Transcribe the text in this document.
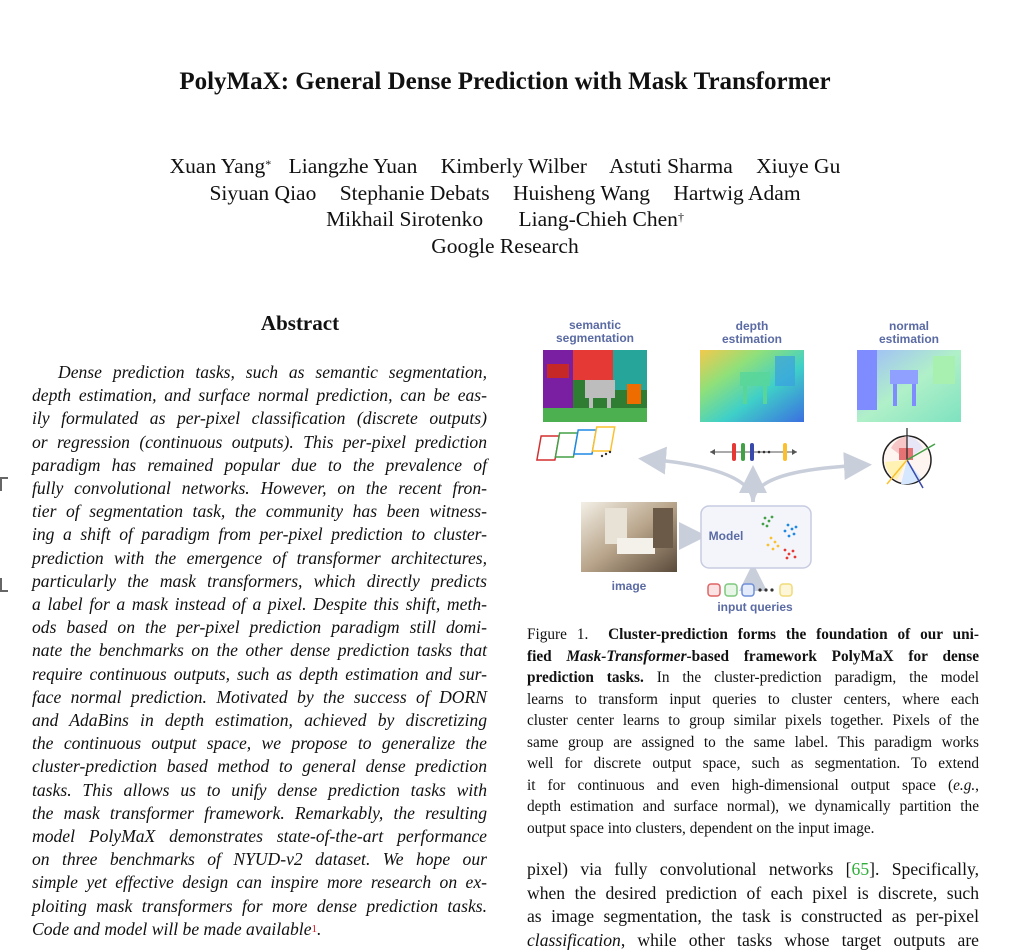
PolyMaX: General Dense Prediction with Mask Transformer
Xuan Yang* Liangzhe Yuan Kimberly Wilber Astuti Sharma Xiuye Gu
Siyuan Qiao Stephanie Debats Huisheng Wang Hartwig Adam
Mikhail Sirotenko Liang-Chieh Chen†
Google Research
Abstract
Dense prediction tasks, such as semantic segmentation,
depth estimation, and surface normal prediction, can be eas-
ily formulated as per-pixel classification (discrete outputs)
or regression (continuous outputs). This per-pixel prediction
paradigm has remained popular due to the prevalence of
fully convolutional networks. However, on the recent fron-
tier of segmentation task, the community has been witness-
ing a shift of paradigm from per-pixel prediction to cluster-
prediction with the emergence of transformer architectures,
particularly the mask transformers, which directly predicts
a label for a mask instead of a pixel. Despite this shift, meth-
ods based on the per-pixel prediction paradigm still domi-
nate the benchmarks on the other dense prediction tasks that
require continuous outputs, such as depth estimation and sur-
face normal prediction. Motivated by the success of DORN
and AdaBins in depth estimation, achieved by discretizing
the continuous output space, we propose to generalize the
cluster-prediction based method to general dense prediction
tasks. This allows us to unify dense prediction tasks with
the mask transformer framework. Remarkably, the resulting
model PolyMaX demonstrates state-of-the-art performance
on three benchmarks of NYUD-v2 dataset. We hope our
simple yet effective design can inspire more research on ex-
ploiting mask transformers for more dense prediction tasks.
Code and model will be made available$^1$.
semantic
segmentation
depth
estimation
normal
estimation
Model
image
input queries
Figure 1. Cluster-prediction forms the foundation of our uni-
fied Mask-Transformer-based framework PolyMaX for dense
prediction tasks. In the cluster-prediction paradigm, the model
learns to transform input queries to cluster centers, where each
cluster center learns to group similar pixels together. Pixels of the
same group are assigned to the same label. This paradigm works
well for discrete output space, such as segmentation. To extend
it for continuous and even high-dimensional output space (e.g.,
depth estimation and surface normal), we dynamically partition the
output space into clusters, dependent on the input image.
pixel) via fully convolutional networks [65]. Specifically,
when the desired prediction of each pixel is discrete, such
as image segmentation, the task is constructed as per-pixel
classification, while other tasks whose target outputs are
